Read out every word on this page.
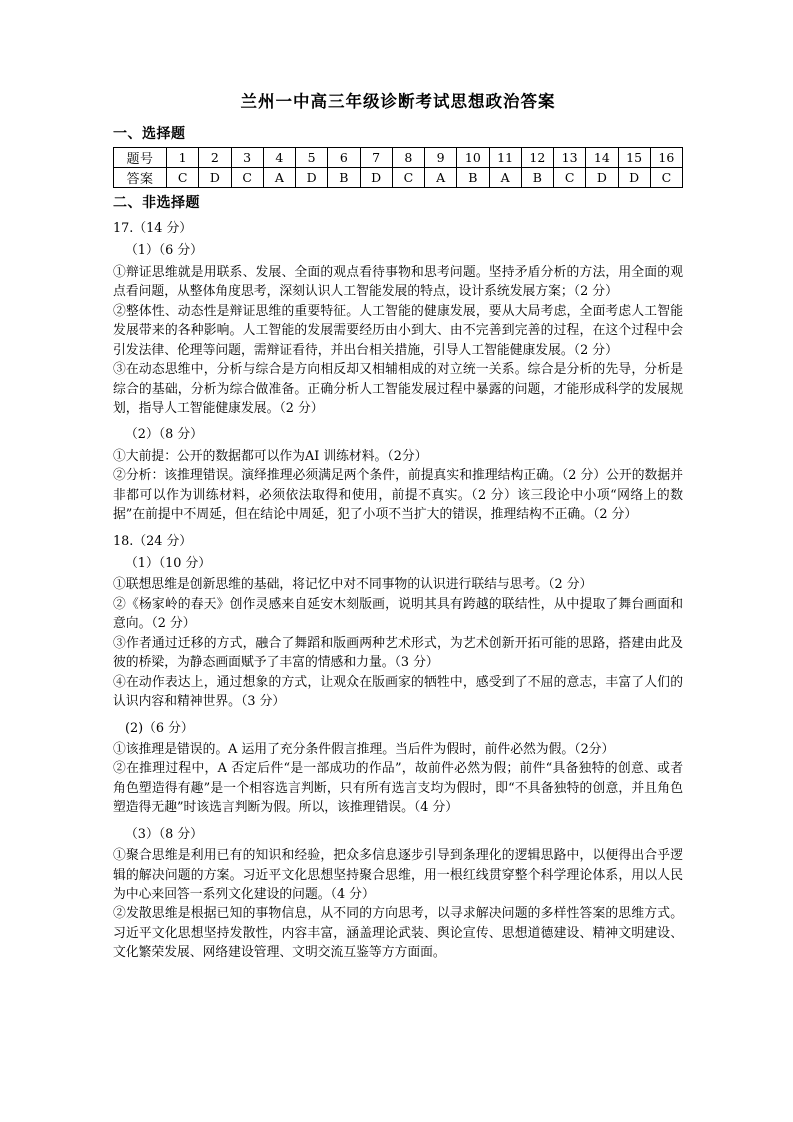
兰州一中高三年级诊断考试思想政治答案
一、选择题
题号	1	2	3	4	5	6	7	8	9	10	11	12	13	14	15	16
答案	C	D	C	A	D	B	D	C	A	B	A	B	C	D	D	C
二、非选择题

17.（14 分）

（1）（6 分）

①辩证思维就是用联系、发展、全面的观点看待事物和思考问题。坚持矛盾分析的方法，用全面的观点看问题，从整体角度思考，深刻认识人工智能发展的特点，设计系统发展方案；（2 分）

②整体性、动态性是辩证思维的重要特征。人工智能的健康发展，要从大局考虑，全面考虑人工智能发展带来的各种影响。人工智能的发展需要经历由小到大、由不完善到完善的过程，在这个过程中会引发法律、伦理等问题，需辩证看待，并出台相关措施，引导人工智能健康发展。（2 分）

③在动态思维中，分析与综合是方向相反却又相辅相成的对立统一关系。综合是分析的先导，分析是综合的基础，分析为综合做准备。正确分析人工智能发展过程中暴露的问题，才能形成科学的发展规划，指导人工智能健康发展。（2 分）

（2）（8 分）

①大前提：公开的数据都可以作为AI 训练材料。（2分）

②分析：该推理错误。演绎推理必须满足两个条件，前提真实和推理结构正确。（2 分）公开的数据并非都可以作为训练材料，必须依法取得和使用，前提不真实。（2 分）该三段论中小项“网络上的数据”在前提中不周延，但在结论中周延，犯了小项不当扩大的错误，推理结构不正确。（2 分）

18.（24 分）

（1）（10 分）

①联想思维是创新思维的基础，将记忆中对不同事物的认识进行联结与思考。（2 分）

②《杨家岭的春天》创作灵感来自延安木刻版画，说明其具有跨越的联结性，从中提取了舞台画面和意向。（2 分）

③作者通过迁移的方式，融合了舞蹈和版画两种艺术形式，为艺术创新开拓可能的思路，搭建由此及彼的桥梁，为静态画面赋予了丰富的情感和力量。（3 分）

④在动作表达上，通过想象的方式，让观众在版画家的牺牲中，感受到了不屈的意志，丰富了人们的认识内容和精神世界。（3 分）

(2)（6 分）

①该推理是错误的。A 运用了充分条件假言推理。当后件为假时，前件必然为假。（2分）

②在推理过程中，A 否定后件“是一部成功的作品”，故前件必然为假；前件“具备独特的创意、或者角色塑造得有趣”是一个相容选言判断，只有所有选言支均为假时，即“不具备独特的创意，并且角色塑造得无趣”时该选言判断为假。所以，该推理错误。（4 分）

（3）（8 分）

①聚合思维是利用已有的知识和经验，把众多信息逐步引导到条理化的逻辑思路中，以便得出合乎逻辑的解决问题的方案。习近平文化思想坚持聚合思维，用一根红线贯穿整个科学理论体系，用以人民为中心来回答一系列文化建设的问题。（4 分）

②发散思维是根据已知的事物信息，从不同的方向思考，以寻求解决问题的多样性答案的思维方式。习近平文化思想坚持发散性，内容丰富，涵盖理论武装、舆论宣传、思想道德建设、精神文明建设、文化繁荣发展、网络建设管理、文明交流互鉴等方方面面。
